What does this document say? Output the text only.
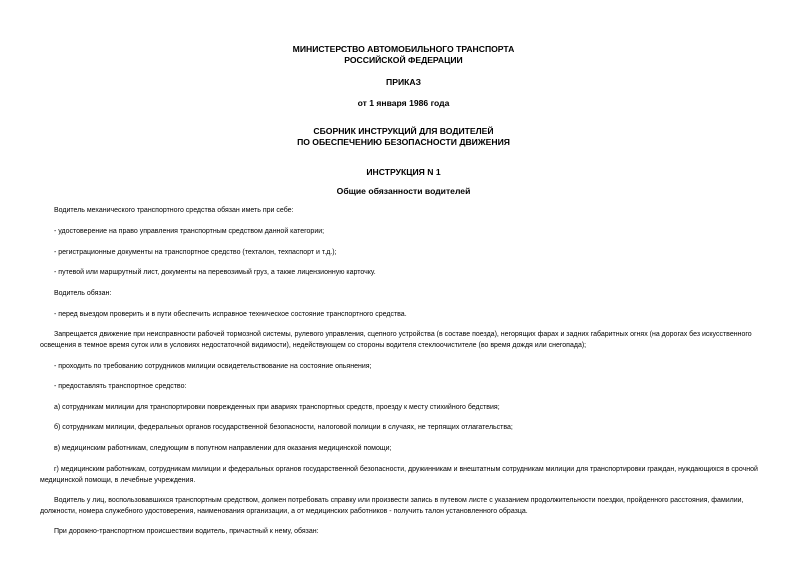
МИНИСТЕРСТВО АВТОМОБИЛЬНОГО ТРАНСПОРТА

РОССИЙСКОЙ ФЕДЕРАЦИИ

ПРИКАЗ

от 1 января 1986 года

СБОРНИК ИНСТРУКЦИЙ ДЛЯ ВОДИТЕЛЕЙ

ПО ОБЕСПЕЧЕНИЮ БЕЗОПАСНОСТИ ДВИЖЕНИЯ

ИНСТРУКЦИЯ N 1

Общие обязанности водителей

Водитель механического транспортного средства обязан иметь при себе:

- удостоверение на право управления транспортным средством данной категории;

- регистрационные документы на транспортное средство (техталон, техпаспорт и т.д.);

- путевой или маршрутный лист, документы на перевозимый груз, а также лицензионную карточку.

Водитель обязан:

- перед выездом проверить и в пути обеспечить исправное техническое состояние транспортного средства.

Запрещается движение при неисправности рабочей тормозной системы, рулевого управления, сцепного устройства (в составе поезда), негорящих фарах и задних габаритных огнях (на дорогах без искусственного освещения в темное время суток или в условиях недостаточной видимости), недействующем со стороны водителя стеклоочистителе (во время дождя или снегопада);

- проходить по требованию сотрудников милиции освидетельствование на состояние опьянения;

- предоставлять транспортное средство:

а) сотрудникам милиции для транспортировки поврежденных при авариях транспортных средств, проезду к месту стихийного бедствия;

б) сотрудникам милиции, федеральных органов государственной безопасности, налоговой полиции в случаях, не терпящих отлагательства;

в) медицинским работникам, следующим в попутном направлении для оказания медицинской помощи;

г) медицинским работникам, сотрудникам милиции и федеральных органов государственной безопасности, дружинникам и внештатным сотрудникам милиции для транспортировки граждан, нуждающихся в срочной медицинской помощи, в лечебные учреждения.

Водитель у лиц, воспользовавшихся транспортным средством, должен потребовать справку или произвести запись в путевом листе с указанием продолжительности поездки, пройденного расстояния, фамилии, должности, номера служебного удостоверения, наименования организации, а от медицинских работников - получить талон установленного образца.

При дорожно-транспортном происшествии водитель, причастный к нему, обязан:
